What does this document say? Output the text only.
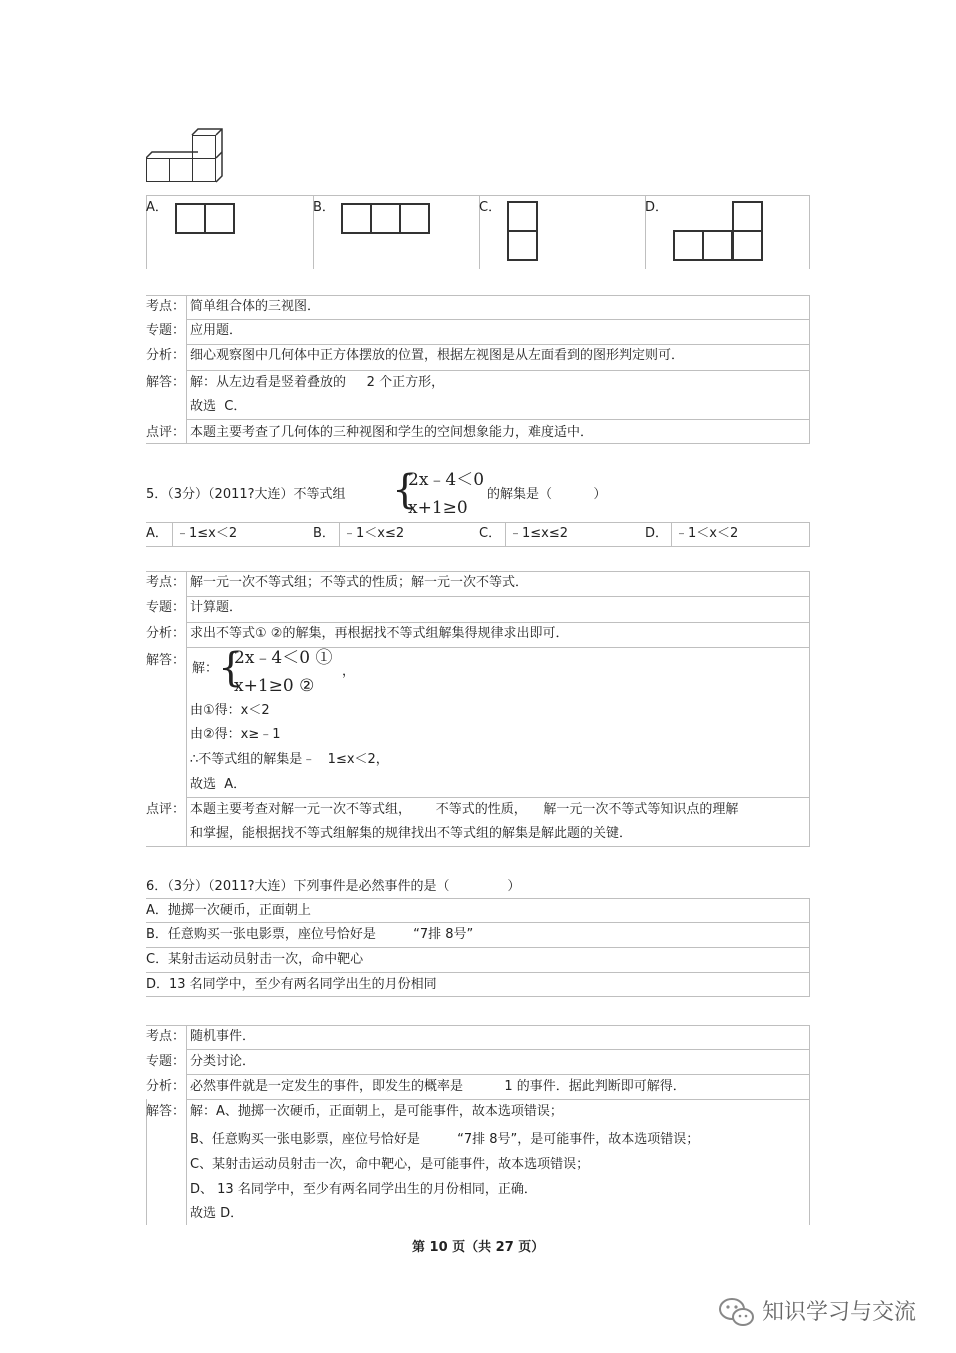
A．	B．	C．	D．
考点： 简单组合体的三视图．
专题： 应用题．
分析： 细心观察图中几何体中正方体摆放的位置，根据左视图是从左面看到的图形判定则可．
解答： 解：从左边看是竖着叠放的     2 个正方形，
故选  C．
点评： 本题主要考查了几何体的三种视图和学生的空间想象能力，难度适中．
5．（3分）（2011?大连）不等式组 {
2x﹣4＜0
x+1≥0
的解集是（          ）
A． ﹣1≤x＜2	B． ﹣1＜x≤2	C． ﹣1≤x≤2	D． ﹣1＜x＜2
考点： 解一元一次不等式组；不等式的性质；解一元一次不等式．
专题： 计算题．
分析： 求出不等式① ②的解集，再根据找不等式组解集得规律求出即可．
解答：
解： {
2x﹣4＜0 ①
x+1≥0 ②
，
由①得：x＜2
由②得：x≥﹣1
∴不等式组的解集是﹣   1≤x＜2，
故选  A．
点评： 本题主要考查对解一元一次不等式组，      不等式的性质，    解一元一次不等式等知识点的理解
和掌握，能根据找不等式组解集的规律找出不等式组的解集是解此题的关键．
6．（3分）（2011?大连）下列事件是必然事件的是（              ）
A．抛掷一次硬币，正面朝上
B．任意购买一张电影票，座位号恰好是         “7排 8号”
C．某射击运动员射击一次，命中靶心
D．13 名同学中，至少有两名同学出生的月份相同
考点： 随机事件．
专题： 分类讨论．
分析： 必然事件就是一定发生的事件，即发生的概率是          1 的事件．据此判断即可解得．
解答： 解：A、抛掷一次硬币，正面朝上，是可能事件，故本选项错误；
B、任意购买一张电影票，座位号恰好是         “7排 8号”，是可能事件，故本选项错误；
C、某射击运动员射击一次，命中靶心，是可能事件，故本选项错误；
D、 13 名同学中，至少有两名同学出生的月份相同，正确．
故选 D．
第 10 页（共 27 页）
知识学习与交流
